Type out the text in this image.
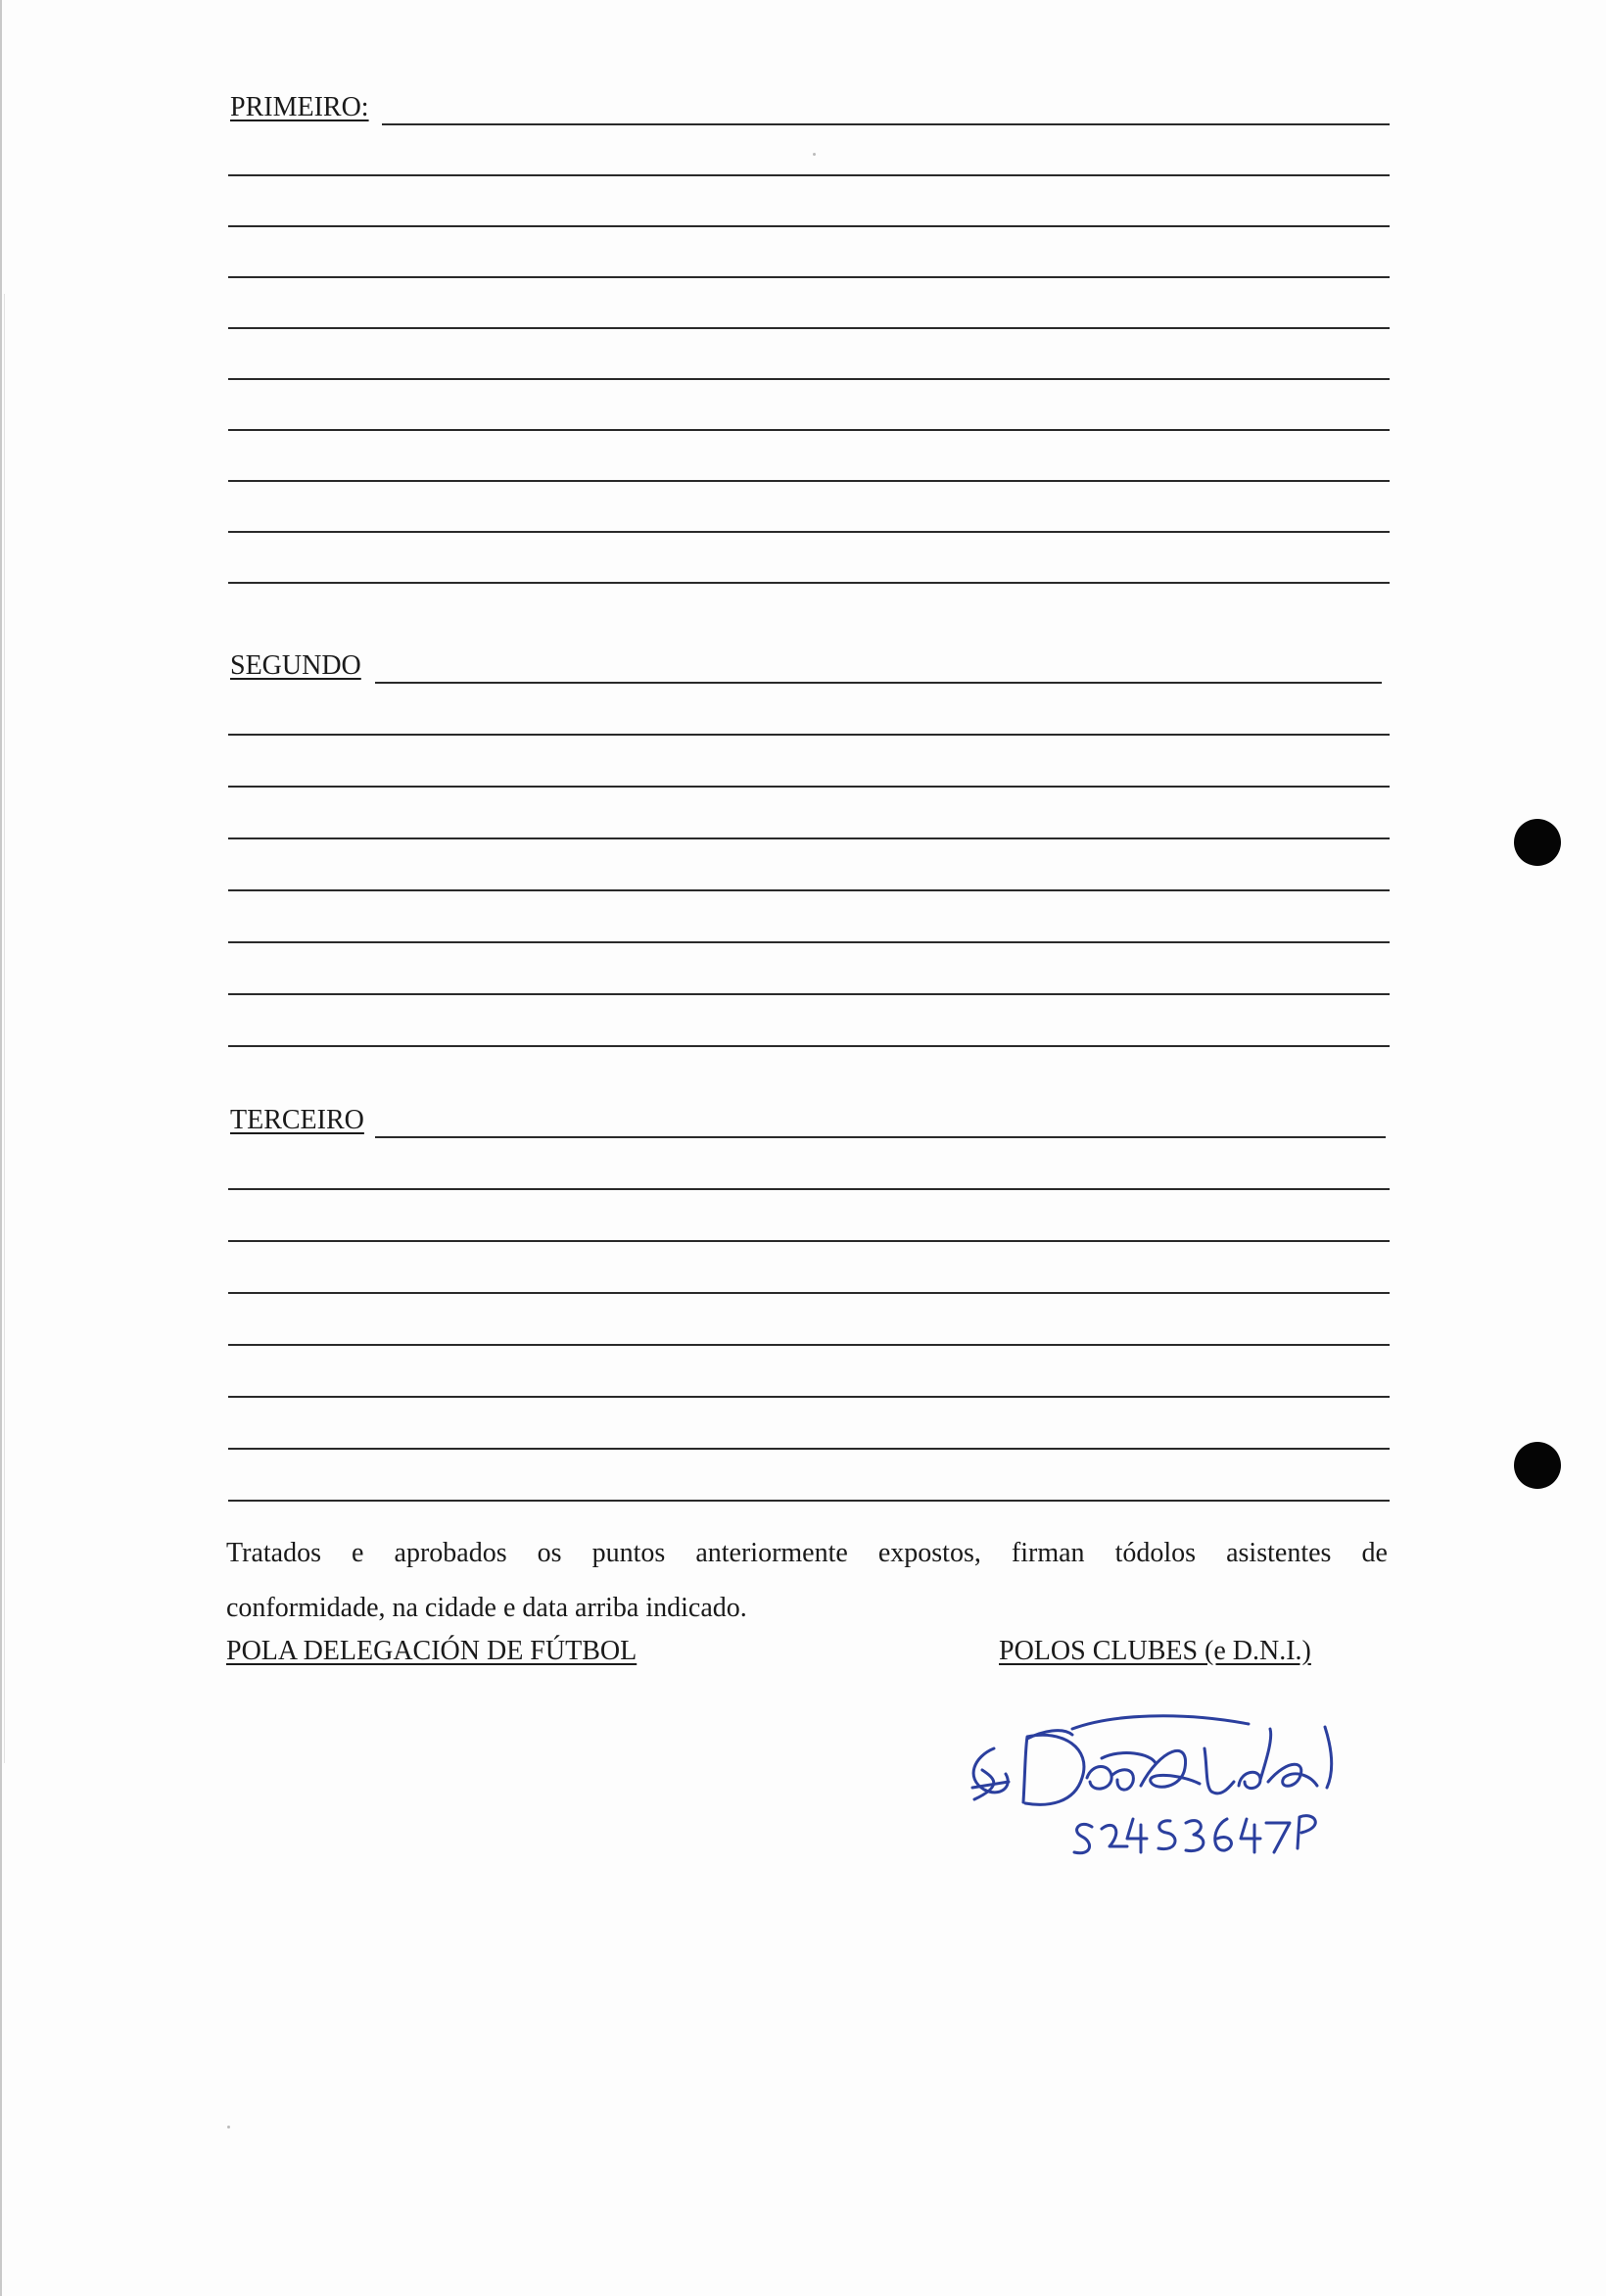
PRIMEIRO:
SEGUNDO
TERCEIRO
Tratados e aprobados os puntos anteriormente expostos, firman tódolos asistentes de
conformidade, na cidade e data arriba indicado.
POLA DELEGACIÓN DE FÚTBOL	POLOS CLUBES (e D.N.I.)
